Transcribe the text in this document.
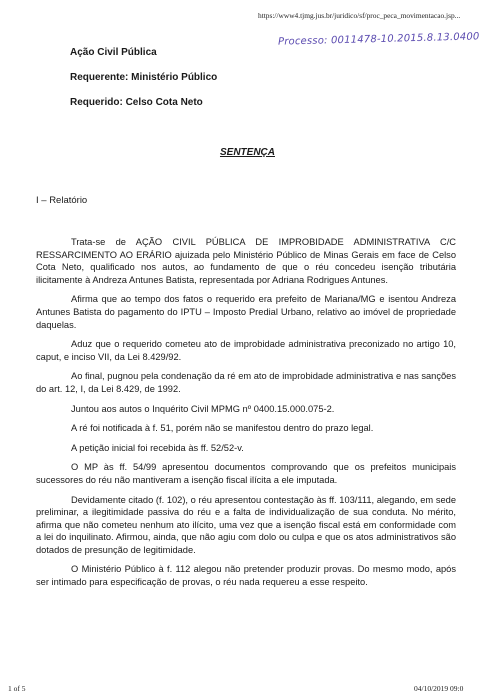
https://www4.tjmg.jus.br/juridico/sf/proc_peca_movimentacao.jsp...
Processo: 0011478-10.2015.8.13.0400
Ação Civil Pública
Requerente: Ministério Público
Requerido: Celso Cota Neto
SENTENÇA
I – Relatório

Trata-se de AÇÃO CIVIL PÚBLICA DE IMPROBIDADE ADMINISTRATIVA C/C RESSARCIMENTO AO ERÁRIO ajuizada pelo Ministério Público de Minas Gerais em face de Celso Cota Neto, qualificado nos autos, ao fundamento de que o réu concedeu isenção tributária ilicitamente à Andreza Antunes Batista, representada por Adriana Rodrigues Antunes.

Afirma que ao tempo dos fatos o requerido era prefeito de Mariana/MG e isentou Andreza Antunes Batista do pagamento do IPTU – Imposto Predial Urbano, relativo ao imóvel de propriedade daquelas.

Aduz que o requerido cometeu ato de improbidade administrativa preconizado no artigo 10, caput, e inciso VII, da Lei 8.429/92.

Ao final, pugnou pela condenação da ré em ato de improbidade administrativa e nas sanções do art. 12, I, da Lei 8.429, de 1992.

Juntou aos autos o Inquérito Civil MPMG nº 0400.15.000.075-2.

A ré foi notificada à f. 51, porém não se manifestou dentro do prazo legal.

A petição inicial foi recebida às ff. 52/52-v.

O MP às ff. 54/99 apresentou documentos comprovando que os prefeitos municipais sucessores do réu não mantiveram a isenção fiscal ilícita a ele imputada.

Devidamente citado (f. 102), o réu apresentou contestação às ff. 103/111, alegando, em sede preliminar, a ilegitimidade passiva do réu e a falta de individualização de sua conduta. No mérito, afirma que não cometeu nenhum ato ilícito, uma vez que a isenção fiscal está em conformidade com a lei do inquilinato. Afirmou, ainda, que não agiu com dolo ou culpa e que os atos administrativos são dotados de presunção de legitimidade.

O Ministério Público à f. 112 alegou não pretender produzir provas. Do mesmo modo, após ser intimado para especificação de provas, o réu nada requereu a esse respeito.

1 of 5	04/10/2019 09:0
